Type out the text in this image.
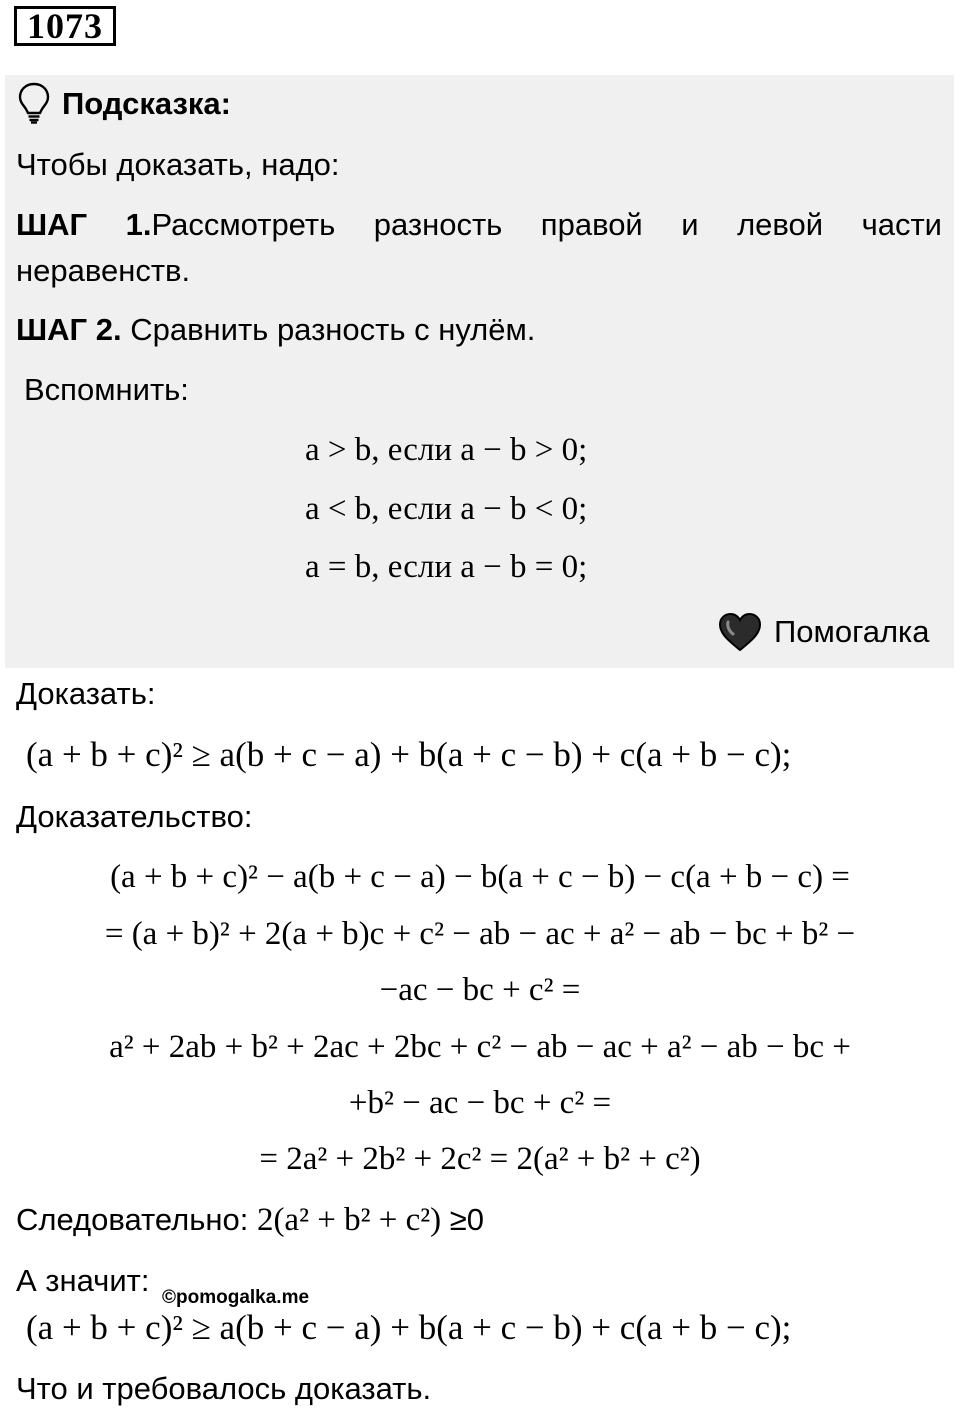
1073
Подсказка:
Чтобы доказать, надо:
ШАГ 1.Рассмотреть разность правой и левой части неравенств.
ШАГ 2. Сравнить разность с нулём.
Вспомнить:
a > b, если a − b > 0;
a < b, если a − b < 0;
a = b, если a − b = 0;
Помогалка
Доказать:
(a + b + c)² ≥ a(b + c − a) + b(a + c − b) + c(a + b − c);
Доказательство:
(a + b + c)² − a(b + c − a) − b(a + c − b) − c(a + b − c) =
= (a + b)² + 2(a + b)c + c² − ab − ac + a² − ab − bc + b² −
−ac − bc + c² =
a² + 2ab + b² + 2ac + 2bc + c² − ab − ac + a² − ab − bc +
+b² − ac − bc + c² =
= 2a² + 2b² + 2c² = 2(a² + b² + c²)
Следовательно: 2(a² + b² + c²) ≥0
А значит: ©pomogalka.me
(a + b + c)² ≥ a(b + c − a) + b(a + c − b) + c(a + b − c);
Что и требовалось доказать.
